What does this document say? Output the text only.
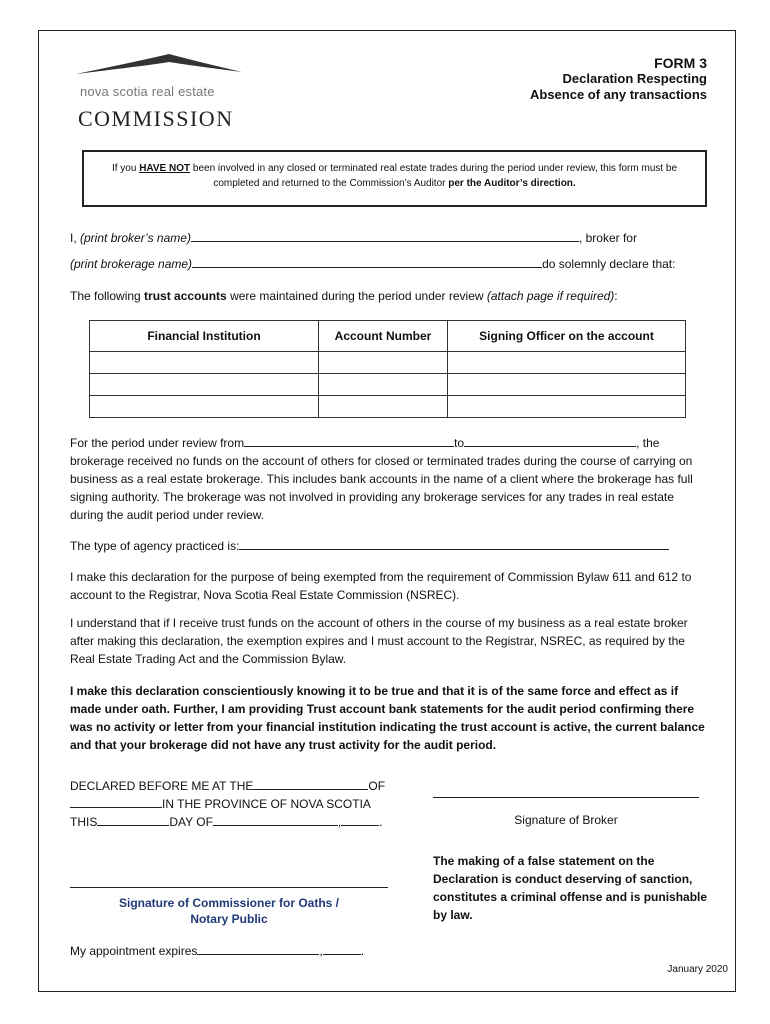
nova scotia real estate
COMMISSION
FORM 3
Declaration Respecting
Absence of any transactions
If you HAVE NOT been involved in any closed or terminated real estate trades during the period under review, this form must be completed and returned to the Commission’s Auditor per the Auditor’s direction.
I, (print broker’s name)	, broker for
(print brokerage name)	do solemnly declare that:
The following trust accounts were maintained during the period under review (attach page if required):
Financial Institution	Account Number	Signing Officer on the account

For the period under review from	to	, the
brokerage received no funds on the account of others for closed or terminated trades during the course of carrying on business as a real estate brokerage. This includes bank accounts in the name of a client where the brokerage has full signing authority. The brokerage was not involved in providing any brokerage services for any trades in real estate during the audit period under review.
The type of agency practiced is:
I make this declaration for the purpose of being exempted from the requirement of Commission Bylaw 611 and 612 to account to the Registrar, Nova Scotia Real Estate Commission (NSREC).
I understand that if I receive trust funds on the account of others in the course of my business as a real estate broker after making this declaration, the exemption expires and I must account to the Registrar, NSREC, as required by the Real Estate Trading Act and the Commission Bylaw.
I make this declaration conscientiously knowing it to be true and that it is of the same force and effect as if made under oath. Further, I am providing Trust account bank statements for the audit period confirming there was no activity or letter from your financial institution indicating the trust account is active, the current balance and that your brokerage did not have any trust activity for the audit period.
DECLARED BEFORE ME AT THE	OF
IN THE PROVINCE OF NOVA SCOTIA
THIS	DAY OF	,	.	Signature of Broker
The making of a false statement on the Declaration is conduct deserving of sanction, constitutes a criminal offense and is punishable by law.
Signature of Commissioner for Oaths /
Notary Public
My appointment expires	,	.
January 2020
